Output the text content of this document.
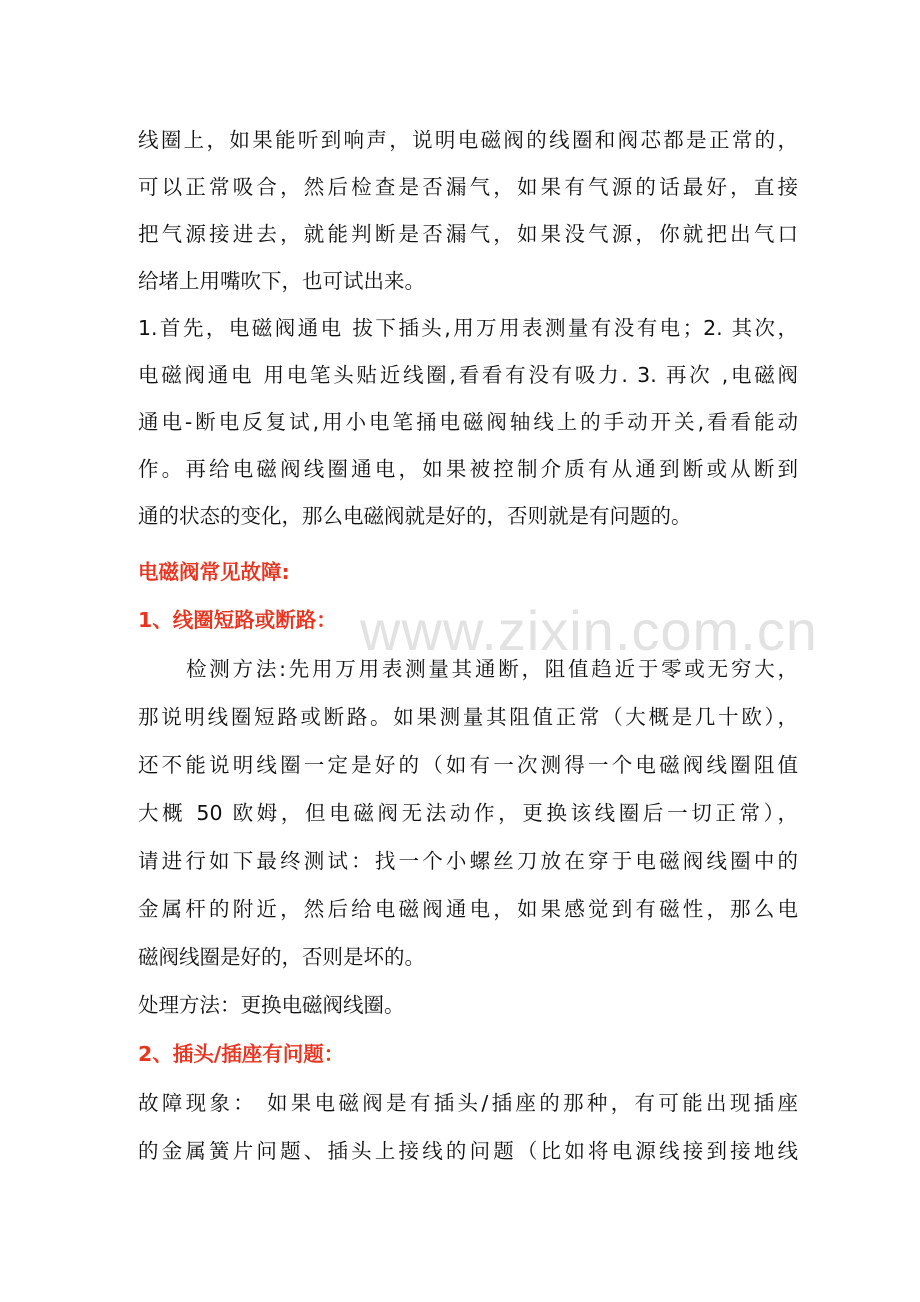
www.zixin.com.cn
线圈上，如果能听到响声，说明电磁阀的线圈和阀芯都是正常的，
可以正常吸合，然后检查是否漏气，如果有气源的话最好，直接
把气源接进去，就能判断是否漏气，如果没气源，你就把出气口
给堵上用嘴吹下，也可试出来。
1.首先，电磁阀通电 拔下插头,用万用表测量有没有电；2. 其次，
电磁阀通电 用电笔头贴近线圈,看看有没有吸力. 3. 再次 ,电磁阀
通电-断电反复试,用小电笔捅电磁阀轴线上的手动开关,看看能动
作。再给电磁阀线圈通电，如果被控制介质有从通到断或从断到
通的状态的变化，那么电磁阀就是好的，否则就是有问题的。
电磁阀常见故障:
1、线圈短路或断路：
检测方法:先用万用表测量其通断，阻值趋近于零或无穷大，
那说明线圈短路或断路。如果测量其阻值正常（大概是几十欧），
还不能说明线圈一定是好的（如有一次测得一个电磁阀线圈阻值
大概 50 欧姆，但电磁阀无法动作，更换该线圈后一切正常），
请进行如下最终测试：找一个小螺丝刀放在穿于电磁阀线圈中的
金属杆的附近，然后给电磁阀通电，如果感觉到有磁性，那么电
磁阀线圈是好的，否则是坏的。
处理方法：更换电磁阀线圈。
2、插头/插座有问题：
故障现象： 如果电磁阀是有插头/插座的那种，有可能出现插座
的金属簧片问题、插头上接线的问题（比如将电源线接到接地线
